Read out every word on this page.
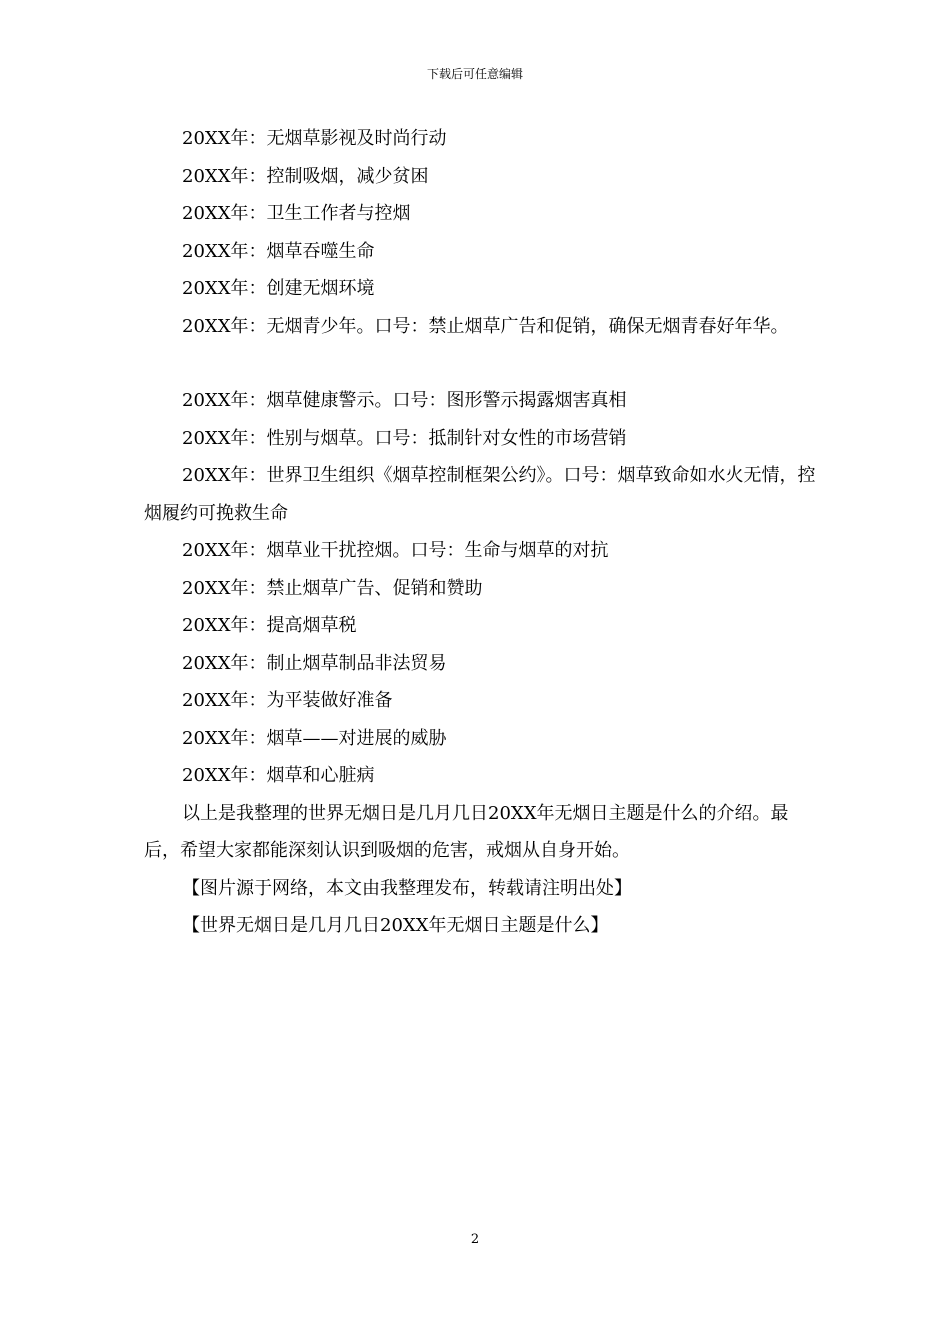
下载后可任意编辑

20XX年：无烟草影视及时尚行动

20XX年：控制吸烟，减少贫困

20XX年：卫生工作者与控烟

20XX年：烟草吞噬生命

20XX年：创建无烟环境

20XX年：无烟青少年。口号：禁止烟草广告和促销，确保无烟青春好年华。

20XX年：烟草健康警示。口号：图形警示揭露烟害真相

20XX年：性别与烟草。口号：抵制针对女性的市场营销

20XX年：世界卫生组织《烟草控制框架公约》。口号：烟草致命如水火无情，控烟履约可挽救生命

20XX年：烟草业干扰控烟。口号：生命与烟草的对抗

20XX年：禁止烟草广告、促销和赞助

20XX年：提高烟草税

20XX年：制止烟草制品非法贸易

20XX年：为平装做好准备

20XX年：烟草——对进展的威胁

20XX年：烟草和心脏病

以上是我整理的世界无烟日是几月几日20XX年无烟日主题是什么的介绍。最后，希望大家都能深刻认识到吸烟的危害，戒烟从自身开始。

【图片源于网络，本文由我整理发布，转载请注明出处】

【世界无烟日是几月几日20XX年无烟日主题是什么】

2
